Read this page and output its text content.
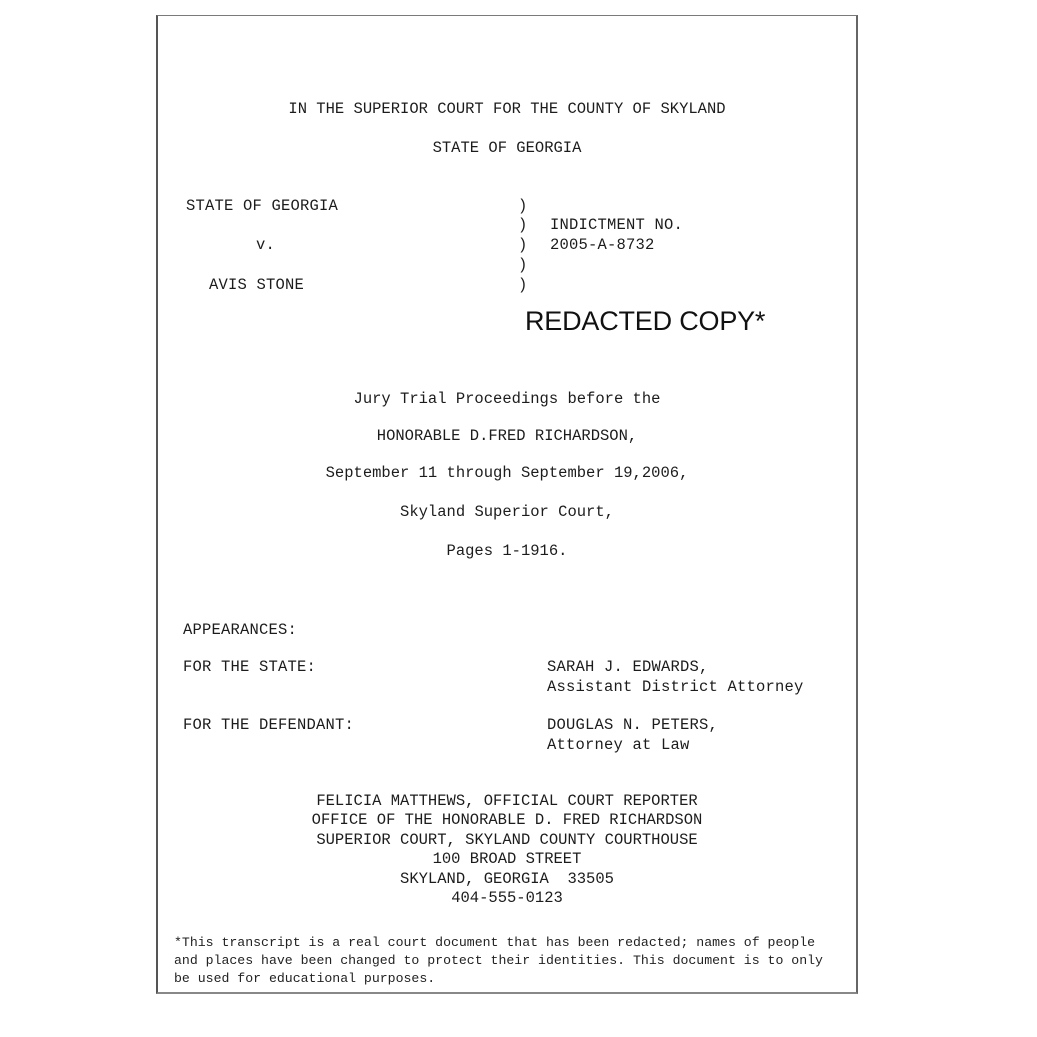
IN THE SUPERIOR COURT FOR THE COUNTY OF SKYLAND
STATE OF GEORGIA
STATE OF GEORGIA
v.
AVIS STONE
)
)
)
)
)
INDICTMENT NO.
2005-A-8732
REDACTED COPY*
Jury Trial Proceedings before the
HONORABLE D.FRED RICHARDSON,
September 11 through September 19,2006,
Skyland Superior Court,
Pages 1-1916.
APPEARANCES:
FOR THE STATE:	SARAH J. EDWARDS,
Assistant District Attorney
FOR THE DEFENDANT:	DOUGLAS N. PETERS,
Attorney at Law
FELICIA MATTHEWS, OFFICIAL COURT REPORTER
OFFICE OF THE HONORABLE D. FRED RICHARDSON
SUPERIOR COURT, SKYLAND COUNTY COURTHOUSE
100 BROAD STREET
SKYLAND, GEORGIA  33505
404-555-0123
*This transcript is a real court document that has been redacted; names of people and places have been changed to protect their identities. This document is to only be used for educational purposes.
